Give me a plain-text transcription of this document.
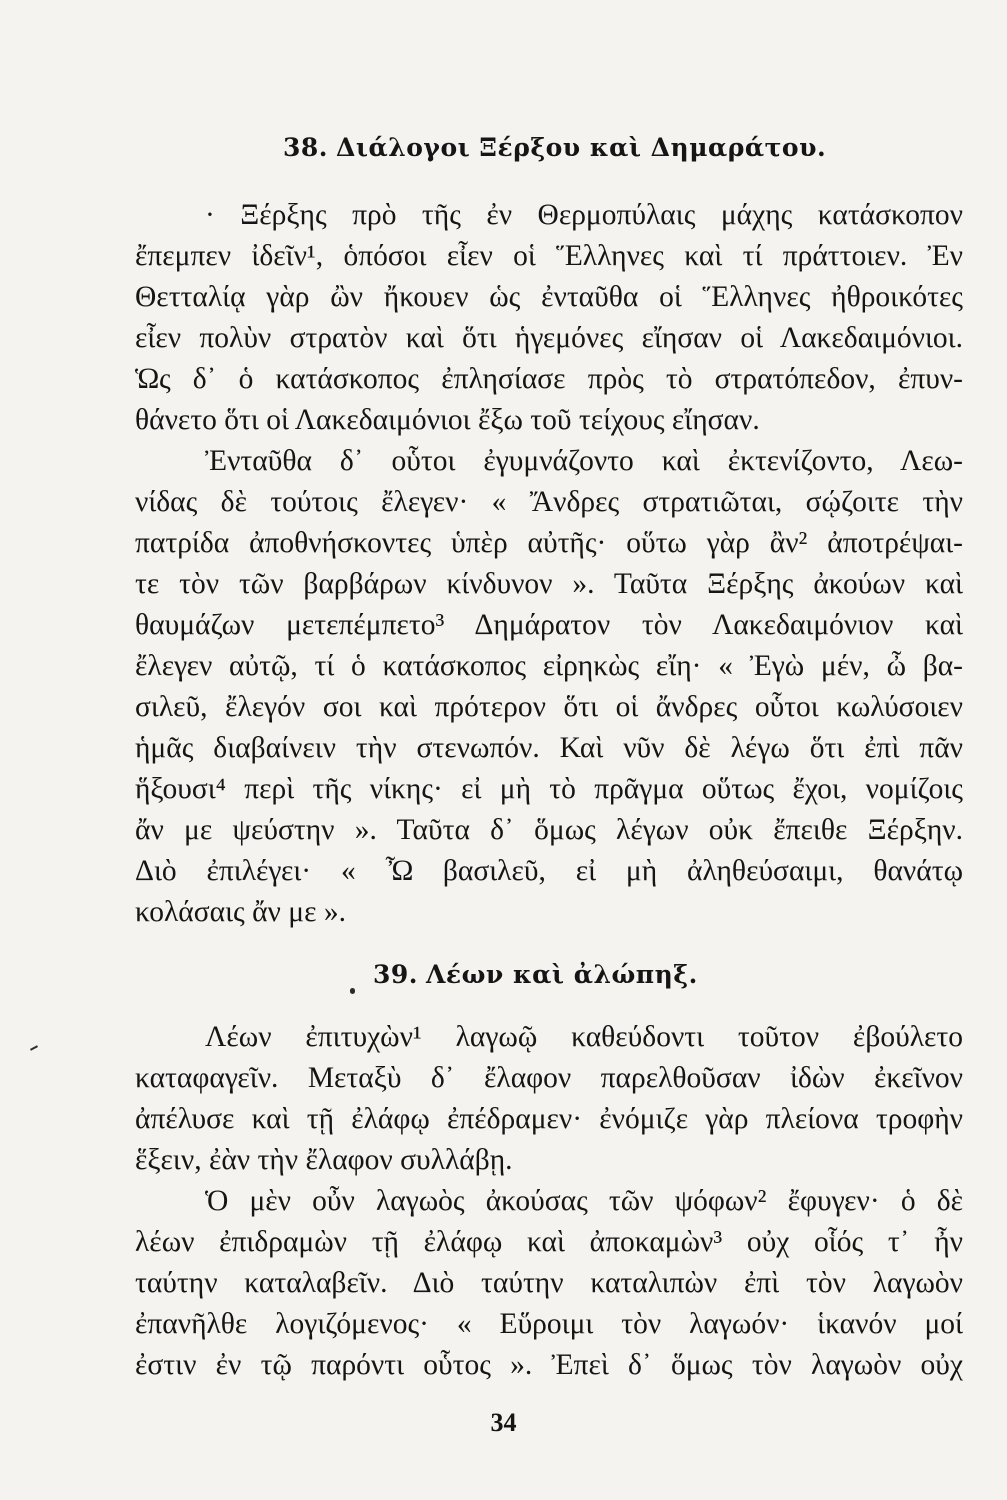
38. Διάλογοι Ξέρξου καὶ Δημαράτου.
· Ξέρξης πρὸ τῆς ἐν Θερμοπύλαις μάχης κατάσκοπον
ἔπεμπεν ἰδεῖν¹, ὁπόσοι εἶεν οἱ Ἕλληνες καὶ τί πράττοιεν. Ἐν
Θετταλίᾳ γὰρ ὢν ἤκουεν ὡς ἐνταῦθα οἱ Ἕλληνες ἠθροικότες
εἶεν πολὺν στρατὸν καὶ ὅτι ἡγεμόνες εἴησαν οἱ Λακεδαιμόνιοι.
Ὡς δ᾽ ὁ κατάσκοπος ἐπλησίασε πρὸς τὸ στρατόπεδον, ἐπυν-
θάνετο ὅτι οἱ Λακεδαιμόνιοι ἔξω τοῦ τείχους εἴησαν.
Ἐνταῦθα δ᾽ οὗτοι ἐγυμνάζοντο καὶ ἐκτενίζοντο, Λεω-
νίδας δὲ τούτοις ἔλεγεν· « Ἄνδρες στρατιῶται, σῴζοιτε τὴν
πατρίδα ἀποθνήσκοντες ὑπὲρ αὐτῆς· οὕτω γὰρ ἂν² ἀποτρέψαι-
τε τὸν τῶν βαρβάρων κίνδυνον ». Ταῦτα Ξέρξης ἀκούων καὶ
θαυμάζων μετεπέμπετο³ Δημάρατον τὸν Λακεδαιμόνιον καὶ
ἔλεγεν αὐτῷ, τί ὁ κατάσκοπος εἰρηκὼς εἴη· « Ἐγὼ μέν, ὦ βα-
σιλεῦ, ἔλεγόν σοι καὶ πρότερον ὅτι οἱ ἄνδρες οὗτοι κωλύσοιεν
ἡμᾶς διαβαίνειν τὴν στενωπόν. Καὶ νῦν δὲ λέγω ὅτι ἐπὶ πᾶν
ἥξουσι⁴ περὶ τῆς νίκης· εἰ μὴ τὸ πρᾶγμα οὕτως ἔχοι, νομίζοις
ἄν με ψεύστην ». Ταῦτα δ᾽ ὅμως λέγων οὐκ ἔπειθε Ξέρξην.
Διὸ ἐπιλέγει· « Ὦ βασιλεῦ, εἰ μὴ ἀληθεύσαιμι, θανάτῳ
κολάσαις ἄν με ».
39. Λέων καὶ ἀλώπηξ.
Λέων ἐπιτυχὼν¹ λαγωῷ καθεύδοντι τοῦτον ἐβούλετο
καταφαγεῖν. Μεταξὺ δ᾽ ἔλαφον παρελθοῦσαν ἰδὼν ἐκεῖνον
ἀπέλυσε καὶ τῇ ἐλάφῳ ἐπέδραμεν· ἐνόμιζε γὰρ πλείονα τροφὴν
ἕξειν, ἐὰν τὴν ἔλαφον συλλάβῃ.
Ὁ μὲν οὖν λαγωὸς ἀκούσας τῶν ψόφων² ἔφυγεν· ὁ δὲ
λέων ἐπιδραμὼν τῇ ἐλάφῳ καὶ ἀποκαμὼν³ οὐχ οἷός τ᾽ ἦν
ταύτην καταλαβεῖν. Διὸ ταύτην καταλιπὼν ἐπὶ τὸν λαγωὸν
ἐπανῆλθε λογιζόμενος· « Εὕροιμι τὸν λαγωόν· ἱκανόν μοί
ἐστιν ἐν τῷ παρόντι οὗτος ». Ἐπεὶ δ᾽ ὅμως τὸν λαγωὸν οὐχ
34
